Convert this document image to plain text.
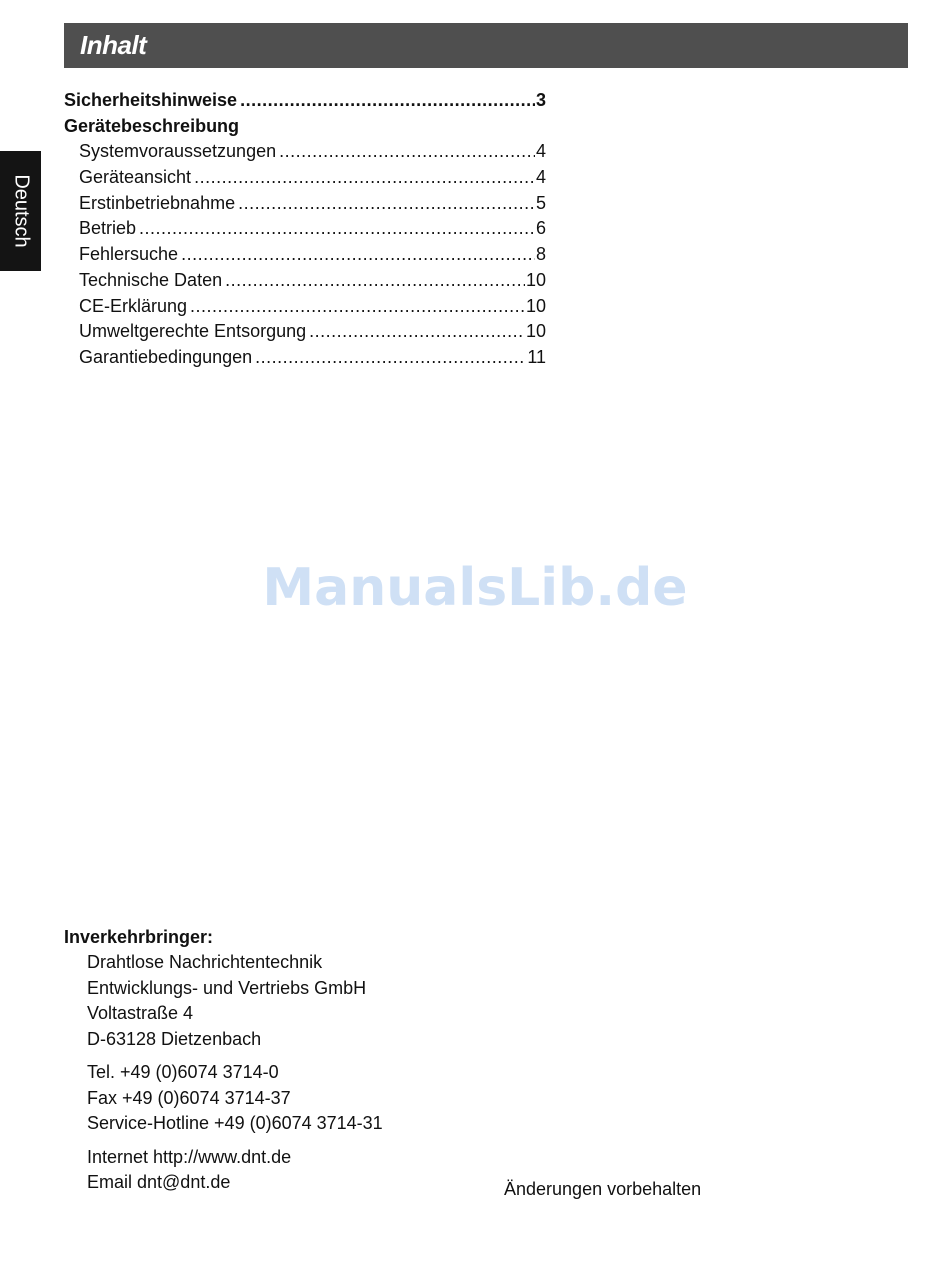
Inhalt
Deutsch
Sicherheitshinweise .....	3
Gerätebeschreibung
Systemvoraussetzungen .....	4
Geräteansicht .....	4
Erstinbetriebnahme .....	5
Betrieb .....	6
Fehlersuche .....	8
Technische Daten .....	10
CE-Erklärung .....	10
Umweltgerechte Entsorgung .....	10
Garantiebedingungen .....	11
ManualsLib.de
Inverkehrbringer:
Drahtlose Nachrichtentechnik
Entwicklungs- und Vertriebs GmbH
Voltastraße 4
D-63128 Dietzenbach
Tel. +49 (0)6074 3714-0
Fax +49 (0)6074 3714-37
Service-Hotline +49 (0)6074 3714-31
Internet http://www.dnt.de
Email dnt@dnt.de	Änderungen vorbehalten
